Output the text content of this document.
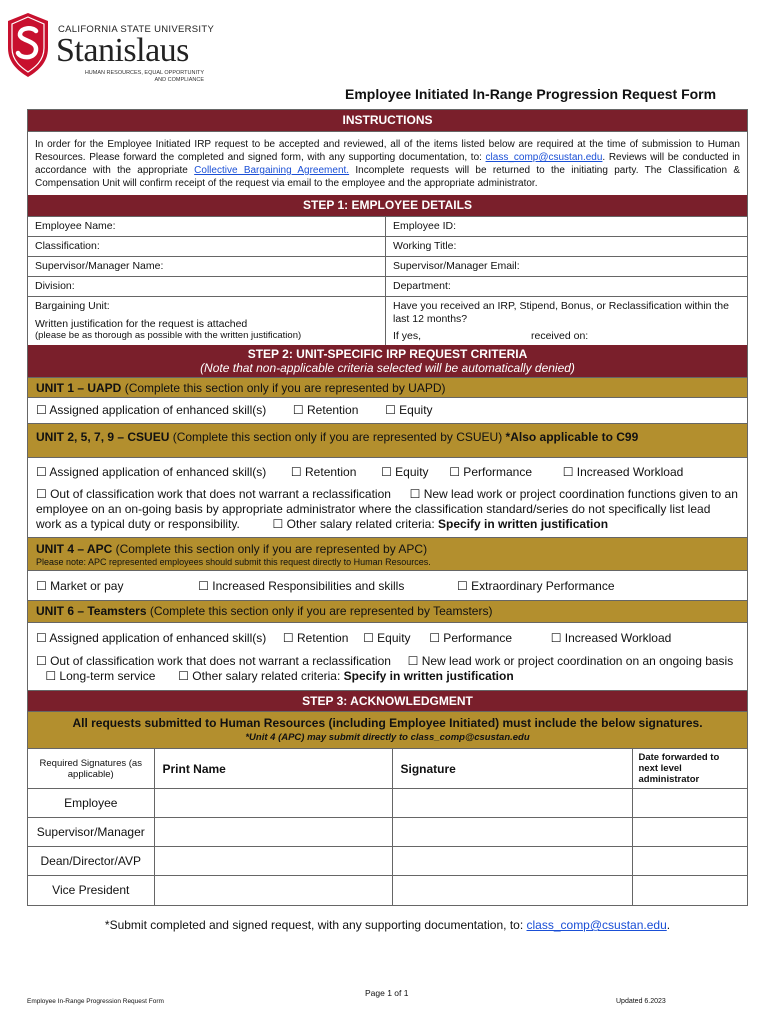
CALIFORNIA STATE UNIVERSITY
Stanislaus
HUMAN RESOURCES, EQUAL OPPORTUNITY
AND COMPLIANCE
Employee Initiated In-Range Progression Request Form
INSTRUCTIONS
In order for the Employee Initiated IRP request to be accepted and reviewed, all of the items listed below are required at the time of submission to Human Resources. Please forward the completed and signed form, with any supporting documentation, to: class_comp@csustan.edu. Reviews will be conducted in accordance with the appropriate Collective Bargaining Agreement. Incomplete requests will be returned to the initiating party. The Classification & Compensation Unit will confirm receipt of the request via email to the employee and the appropriate administrator.
STEP 1: EMPLOYEE DETAILS
Employee Name:	Employee ID:
Classification:	Working Title:
Supervisor/Manager Name:	Supervisor/Manager Email:
Division:	Department:
Bargaining Unit:
Written justification for the request is attached
(please be as thorough as possible with the written justification)
Have you received an IRP, Stipend, Bonus, or Reclassification within the last 12 months?
If yes,	received on:
STEP 2: UNIT-SPECIFIC IRP REQUEST CRITERIA
(Note that non-applicable criteria selected will be automatically denied)
UNIT 1 – UAPD (Complete this section only if you are represented by UAPD)
☐ Assigned application of enhanced skill(s) ☐ Retention ☐ Equity
UNIT 2, 5, 7, 9 – CSUEU (Complete this section only if you are represented by CSUEU) *Also applicable to C99
☐ Assigned application of enhanced skill(s) ☐ Retention ☐ Equity ☐ Performance	☐ Increased Workload
☐ Out of classification work that does not warrant a reclassification ☐ New lead work or project coordination functions given to an employee on an on-going basis by appropriate administrator where the classification standard/series do not specifically list lead work as a typical duty or responsibility.	☐ Other salary related criteria: Specify in written justification
UNIT 4 – APC (Complete this section only if you are represented by APC)
Please note: APC represented employees should submit this request directly to Human Resources.
☐ Market or pay	☐ Increased Responsibilities and skills	☐ Extraordinary Performance
UNIT 6 – Teamsters (Complete this section only if you are represented by Teamsters)
☐ Assigned application of enhanced skill(s) ☐ Retention ☐ Equity ☐ Performance	☐ Increased Workload
☐ Out of classification work that does not warrant a reclassification ☐ New lead work or project coordination on an ongoing basis  ☐ Long-term service ☐ Other salary related criteria: Specify in written justification
STEP 3: ACKNOWLEDGMENT
All requests submitted to Human Resources (including Employee Initiated) must include the below signatures.
*Unit 4 (APC) may submit directly to class_comp@csustan.edu
Required Signatures (as applicable)	Print Name	Signature	Date forwarded to next level administrator
Employee			
Supervisor/Manager			
Dean/Director/AVP			
Vice President			
*Submit completed and signed request, with any supporting documentation, to: class_comp@csustan.edu.
Page 1 of 1
Employee In-Range Progression Request Form	Updated 6.2023
